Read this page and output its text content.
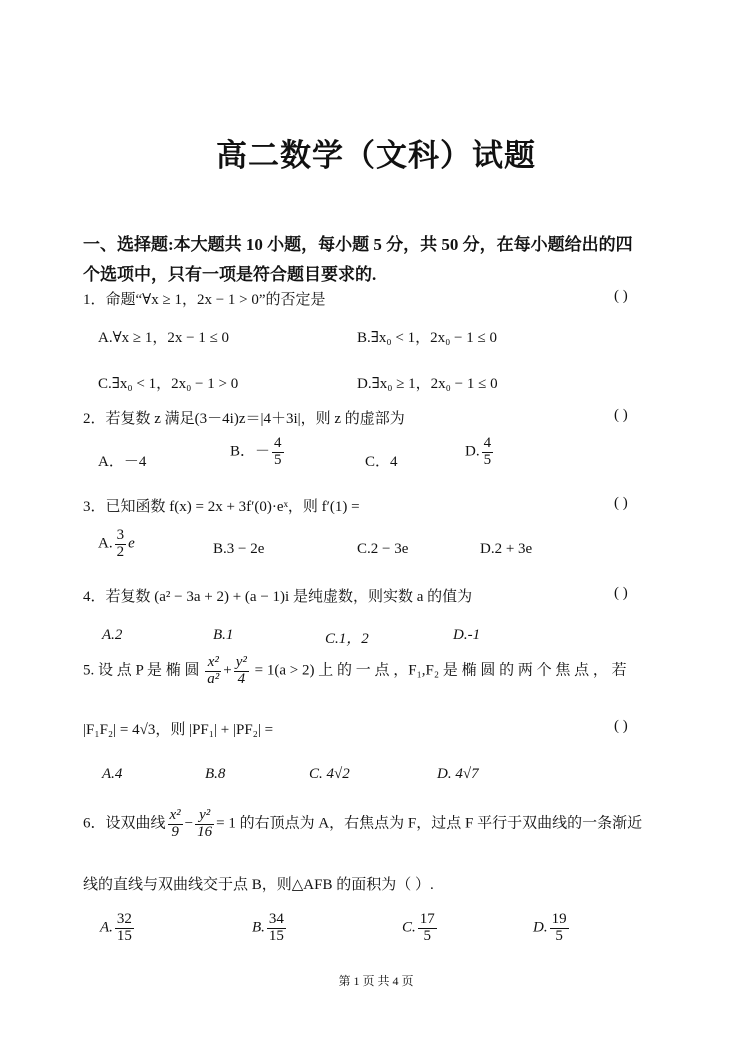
高二数学（文科）试题
一、选择题:本大题共 10 小题，每小题 5 分，共 50 分，在每小题给出的四
个选项中，只有一项是符合题目要求的.
1．命题“∀x ≥ 1，2x − 1 > 0”的否定是	( )
A.∀x ≥ 1，2x − 1 ≤ 0	B.∃x₀ < 1，2x₀ − 1 ≤ 0
C.∃x₀ < 1，2x₀ − 1 > 0	D.∃x₀ ≥ 1，2x₀ − 1 ≤ 0
2．若复数 z 满足(3－4i)z＝|4＋3i|，则 z 的虚部为	( )
A．－4
B．－ $\frac{4}{5}$	C．4
D. $\frac{4}{5}$
3．已知函数 f(x) = 2x + 3f′(0)·eˣ，则 f′(1) =	( )
A. $\frac{3}{2}$ e	B.3 − 2e	C.2 − 3e	D.2 + 3e
4．若复数 (a² − 3a + 2) + (a − 1)i 是纯虚数，则实数 a 的值为	( )
A.2	B.1	C.1，2	D.-1
5. 设 点 P 是 椭 圆 $\frac{\text{x²}}{\text{a²}} + \frac{\text{y²}}{4} = 1(a > 2)$ 上 的 一 点 ，F₁,F₂ 是 椭 圆 的 两 个 焦 点 ， 若
|F₁F₂| = 4√3，则 |PF₁| + |PF₂| =	( )
A.4	B.8	C. 4√2	D. 4√7
6．设双曲线 $\frac{\text{x²}}{9} - \frac{\text{y²}}{16} = 1$ 的右顶点为 A，右焦点为 F，过点 F 平行于双曲线的一条渐近
线的直线与双曲线交于点 B，则△AFB 的面积为（ ）.
A. $\frac{32}{15}$	B. $\frac{34}{15}$	C. $\frac{17}{5}$	D. $\frac{19}{5}$
第 1 页 共 4 页
